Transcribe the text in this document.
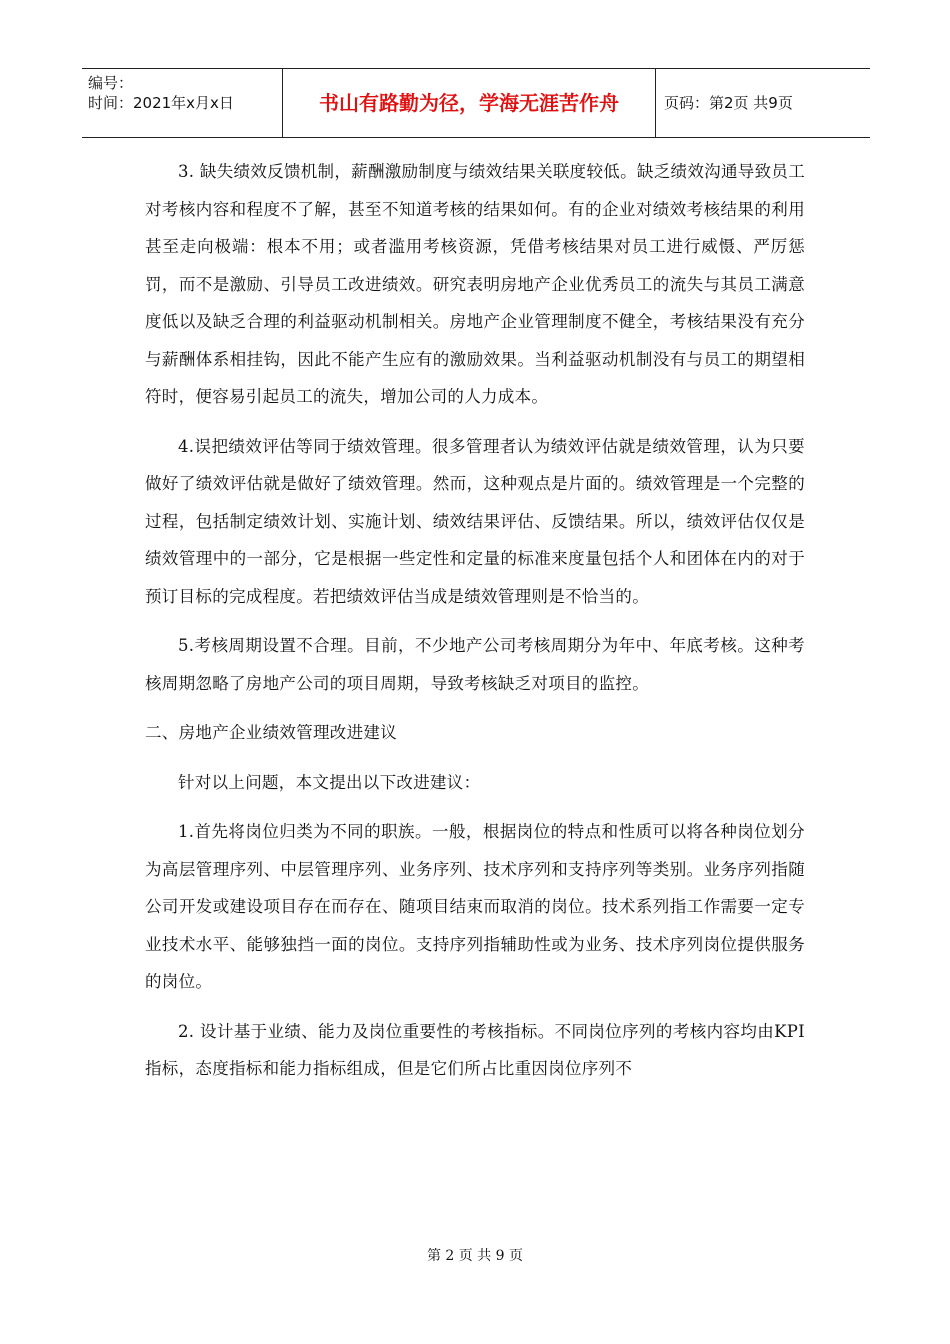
编号：
时间：2021年x月x日	书山有路勤为径，学海无涯苦作舟	页码：第2页 共9页

3. 缺失绩效反馈机制，薪酬激励制度与绩效结果关联度较低。缺乏绩效沟通导致员工对考核内容和程度不了解，甚至不知道考核的结果如何。有的企业对绩效考核结果的利用甚至走向极端：根本不用；或者滥用考核资源，凭借考核结果对员工进行威慑、严厉惩罚，而不是激励、引导员工改进绩效。研究表明房地产企业优秀员工的流失与其员工满意度低以及缺乏合理的利益驱动机制相关。房地产企业管理制度不健全，考核结果没有充分与薪酬体系相挂钩，因此不能产生应有的激励效果。当利益驱动机制没有与员工的期望相符时，便容易引起员工的流失，增加公司的人力成本。

4.误把绩效评估等同于绩效管理。很多管理者认为绩效评估就是绩效管理，认为只要做好了绩效评估就是做好了绩效管理。然而，这种观点是片面的。绩效管理是一个完整的过程，包括制定绩效计划、实施计划、绩效结果评估、反馈结果。所以，绩效评估仅仅是绩效管理中的一部分，它是根据一些定性和定量的标准来度量包括个人和团体在内的对于预订目标的完成程度。若把绩效评估当成是绩效管理则是不恰当的。

5.考核周期设置不合理。目前，不少地产公司考核周期分为年中、年底考核。这种考核周期忽略了房地产公司的项目周期，导致考核缺乏对项目的监控。

二、房地产企业绩效管理改进建议

针对以上问题，本文提出以下改进建议：

1.首先将岗位归类为不同的职族。一般，根据岗位的特点和性质可以将各种岗位划分为高层管理序列、中层管理序列、业务序列、技术序列和支持序列等类别。业务序列指随公司开发或建设项目存在而存在、随项目结束而取消的岗位。技术系列指工作需要一定专业技术水平、能够独挡一面的岗位。支持序列指辅助性或为业务、技术序列岗位提供服务的岗位。

2. 设计基于业绩、能力及岗位重要性的考核指标。不同岗位序列的考核内容均由KPI指标，态度指标和能力指标组成，但是它们所占比重因岗位序列不

第 2 页 共 9 页
